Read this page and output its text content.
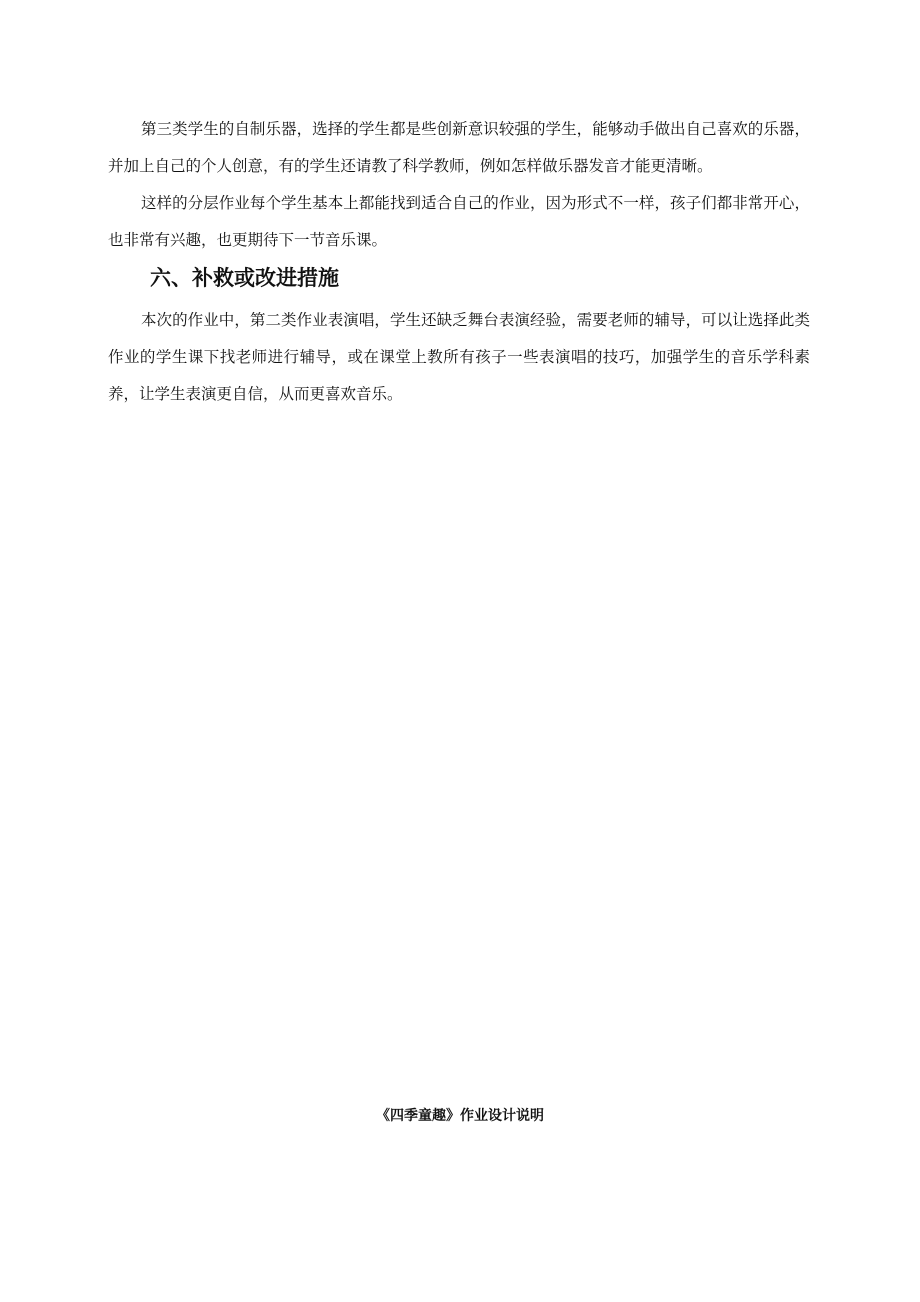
第三类学生的自制乐器，选择的学生都是些创新意识较强的学生，能够动手做出自己喜欢的乐器，并加上自己的个人创意，有的学生还请教了科学教师，例如怎样做乐器发音才能更清晰。

这样的分层作业每个学生基本上都能找到适合自己的作业，因为形式不一样，孩子们都非常开心，也非常有兴趣，也更期待下一节音乐课。

六、补救或改进措施

本次的作业中，第二类作业表演唱，学生还缺乏舞台表演经验，需要老师的辅导，可以让选择此类作业的学生课下找老师进行辅导，或在课堂上教所有孩子一些表演唱的技巧，加强学生的音乐学科素养，让学生表演更自信，从而更喜欢音乐。

《四季童趣》作业设计说明
